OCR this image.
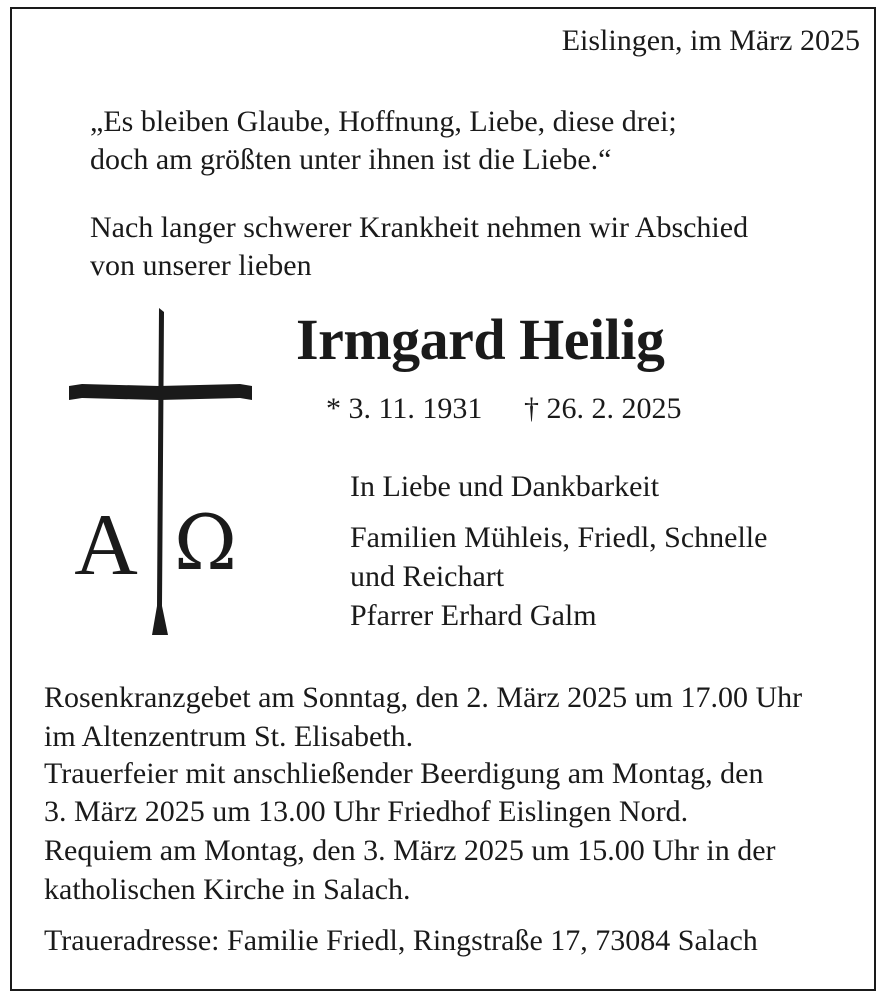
Eislingen, im März 2025
„Es bleiben Glaube, Hoffnung, Liebe, diese drei;
doch am größten unter ihnen ist die Liebe.“
Nach langer schwerer Krankheit nehmen wir Abschied
von unserer lieben
A Ω
Irmgard Heilig
* 3. 11. 1931 † 26. 2. 2025
In Liebe und Dankbarkeit
Familien Mühleis, Friedl, Schnelle
und Reichart
Pfarrer Erhard Galm
Rosenkranzgebet am Sonntag, den 2. März 2025 um 17.00 Uhr
im Altenzentrum St. Elisabeth.
Trauerfeier mit anschließender Beerdigung am Montag, den
3. März 2025 um 13.00 Uhr Friedhof Eislingen Nord.
Requiem am Montag, den 3. März 2025 um 15.00 Uhr in der
katholischen Kirche in Salach.
Traueradresse: Familie Friedl, Ringstraße 17, 73084 Salach
